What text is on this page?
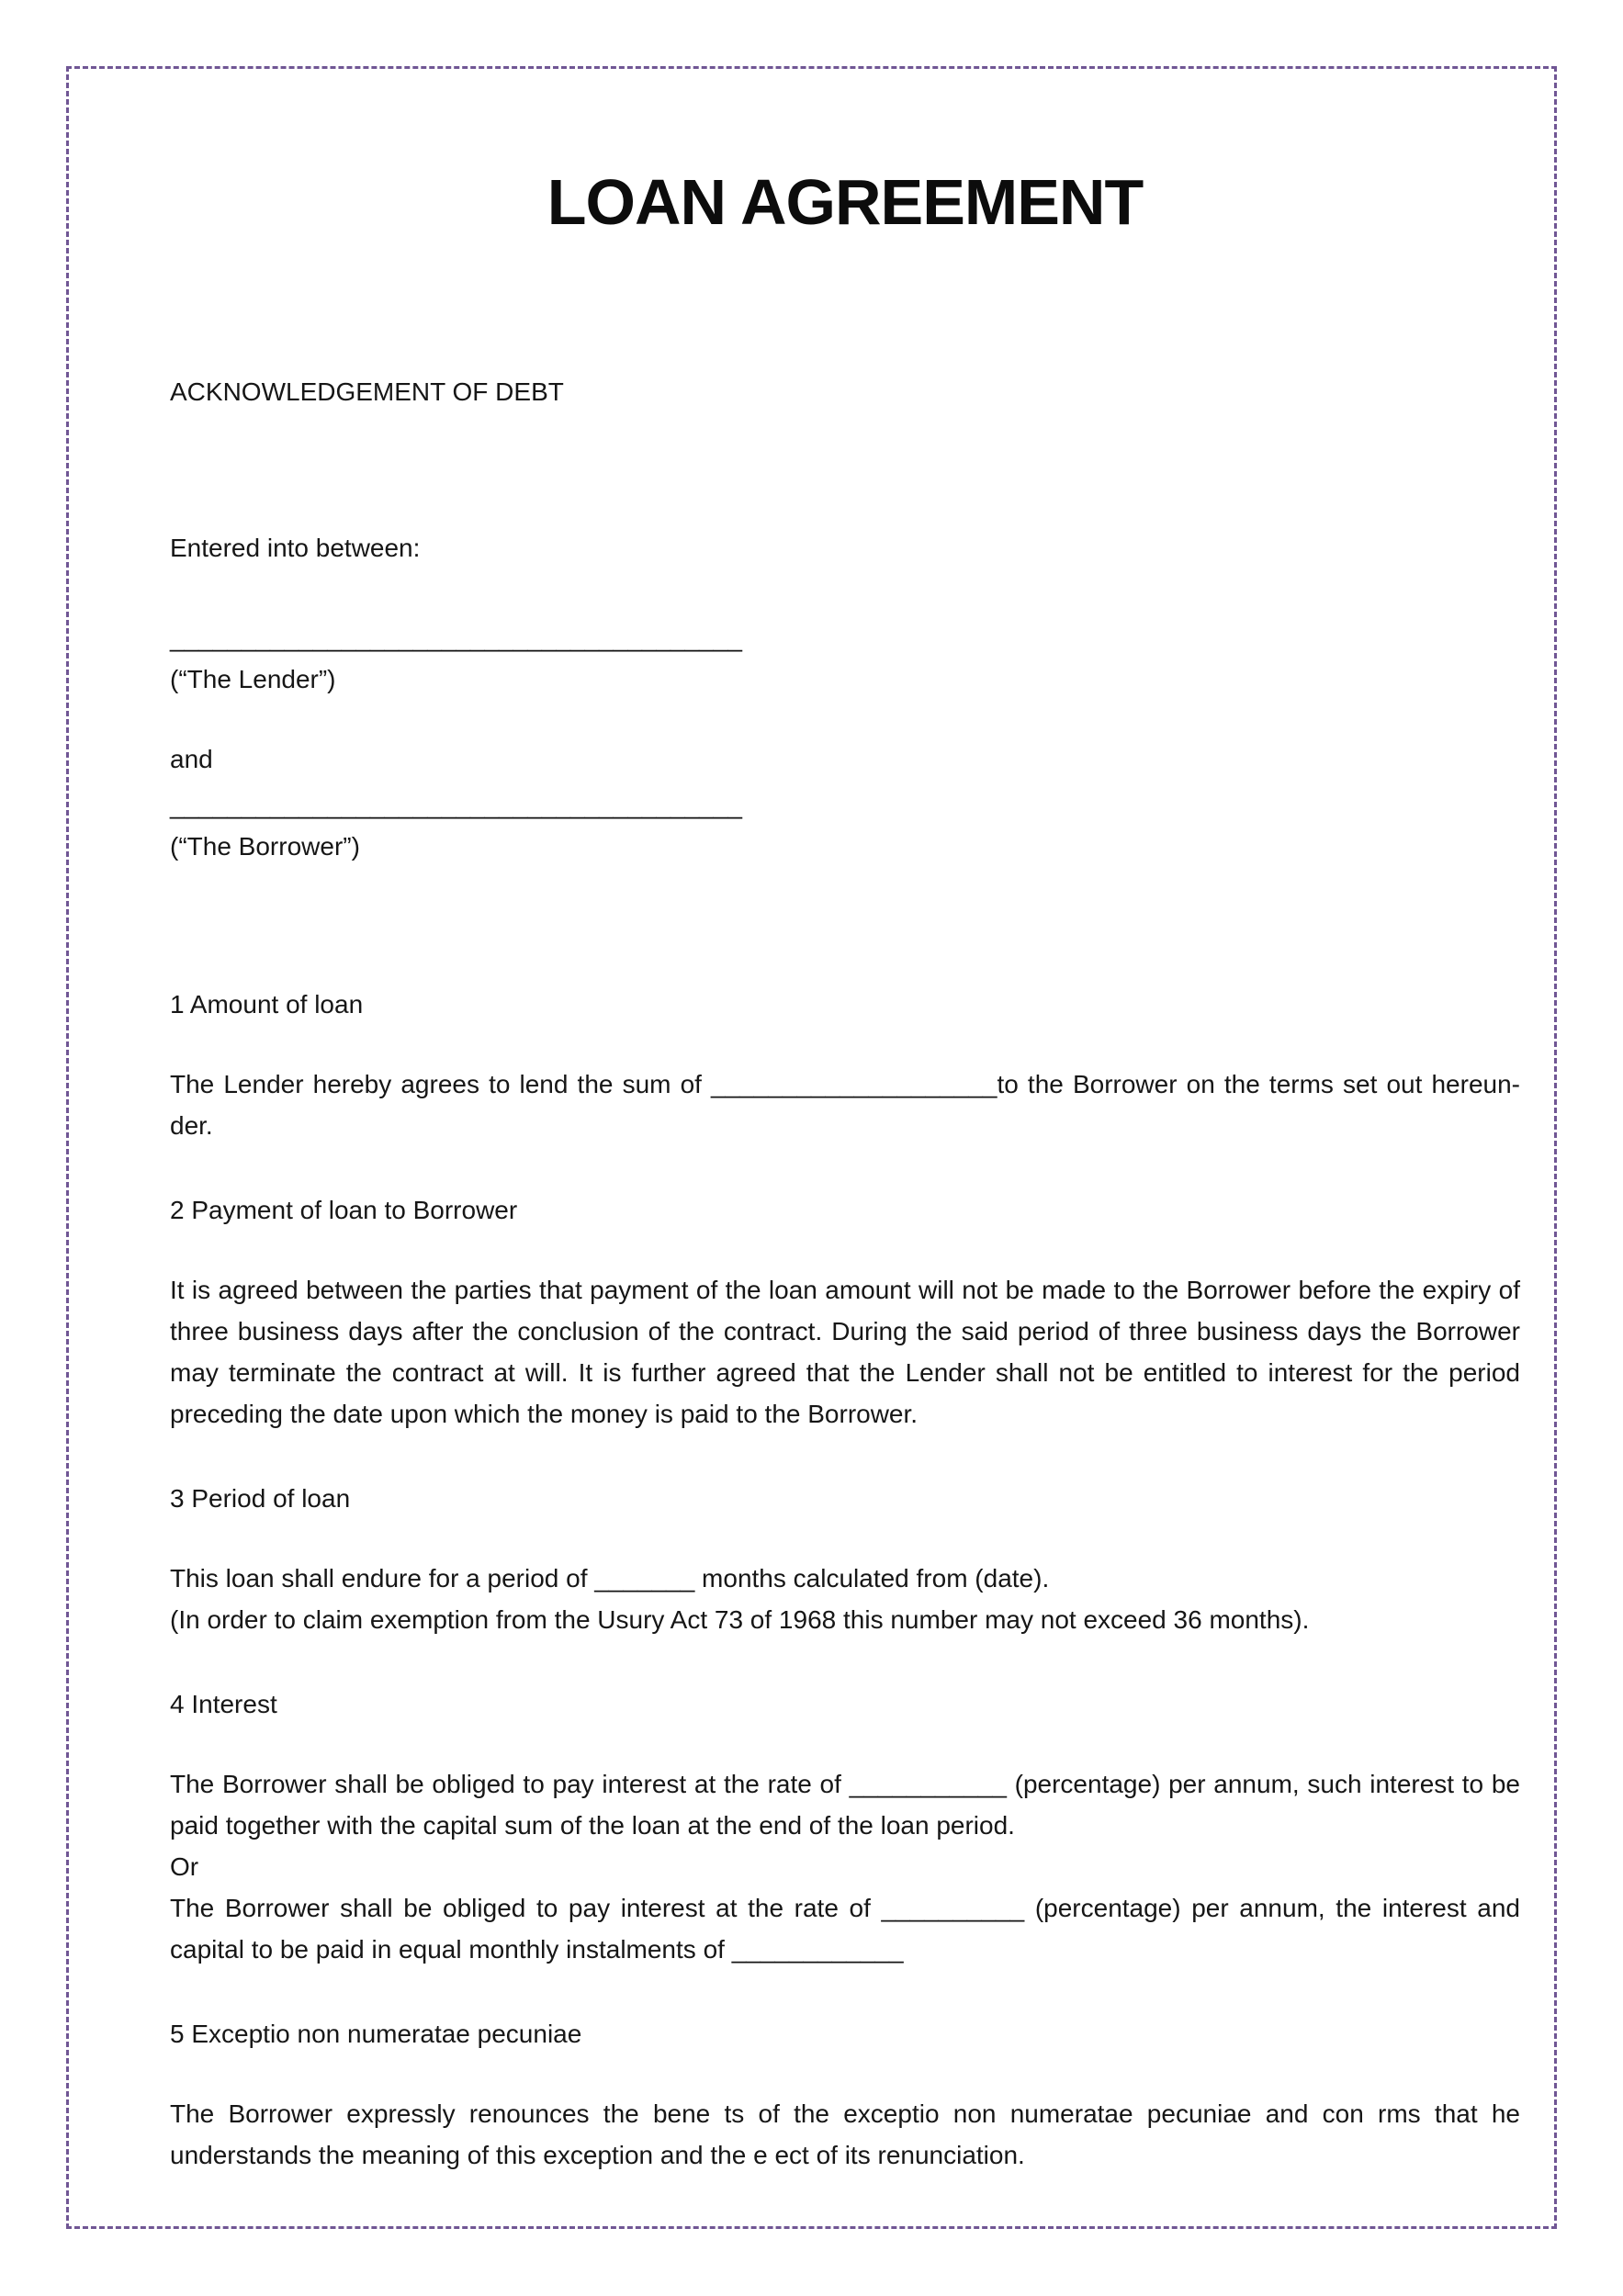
LOAN AGREEMENT

ACKNOWLEDGEMENT OF DEBT

Entered into between:

________________________________________

(“The Lender”)

and

________________________________________

(“The Borrower”)

1 Amount of loan

The Lender hereby agrees to lend the sum of ____________________to the Borrower on the terms set out hereun-der.

2 Payment of loan to Borrower

It is agreed between the parties that payment of the loan amount will not be made to the Borrower before the expiry of three business days after the conclusion of the contract. During the said period of three business days the Borrower may terminate the contract at will. It is further agreed that the Lender shall not be entitled to interest for the period preceding the date upon which the money is paid to the Borrower.

3 Period of loan

This loan shall endure for a period of _______ months calculated from (date).
(In order to claim exemption from the Usury Act 73 of 1968 this number may not exceed 36 months).

4 Interest

The Borrower shall be obliged to pay interest at the rate of ___________ (percentage) per annum, such interest to be paid together with the capital sum of the loan at the end of the loan period.
Or
The Borrower shall be obliged to pay interest at the rate of __________ (percentage) per annum, the interest and capital to be paid in equal monthly instalments of ____________

5 Exceptio non numeratae pecuniae

The Borrower expressly renounces the bene ts of the exceptio non numeratae pecuniae and con rms that he understands the meaning of this exception and the e ect of its renunciation.
